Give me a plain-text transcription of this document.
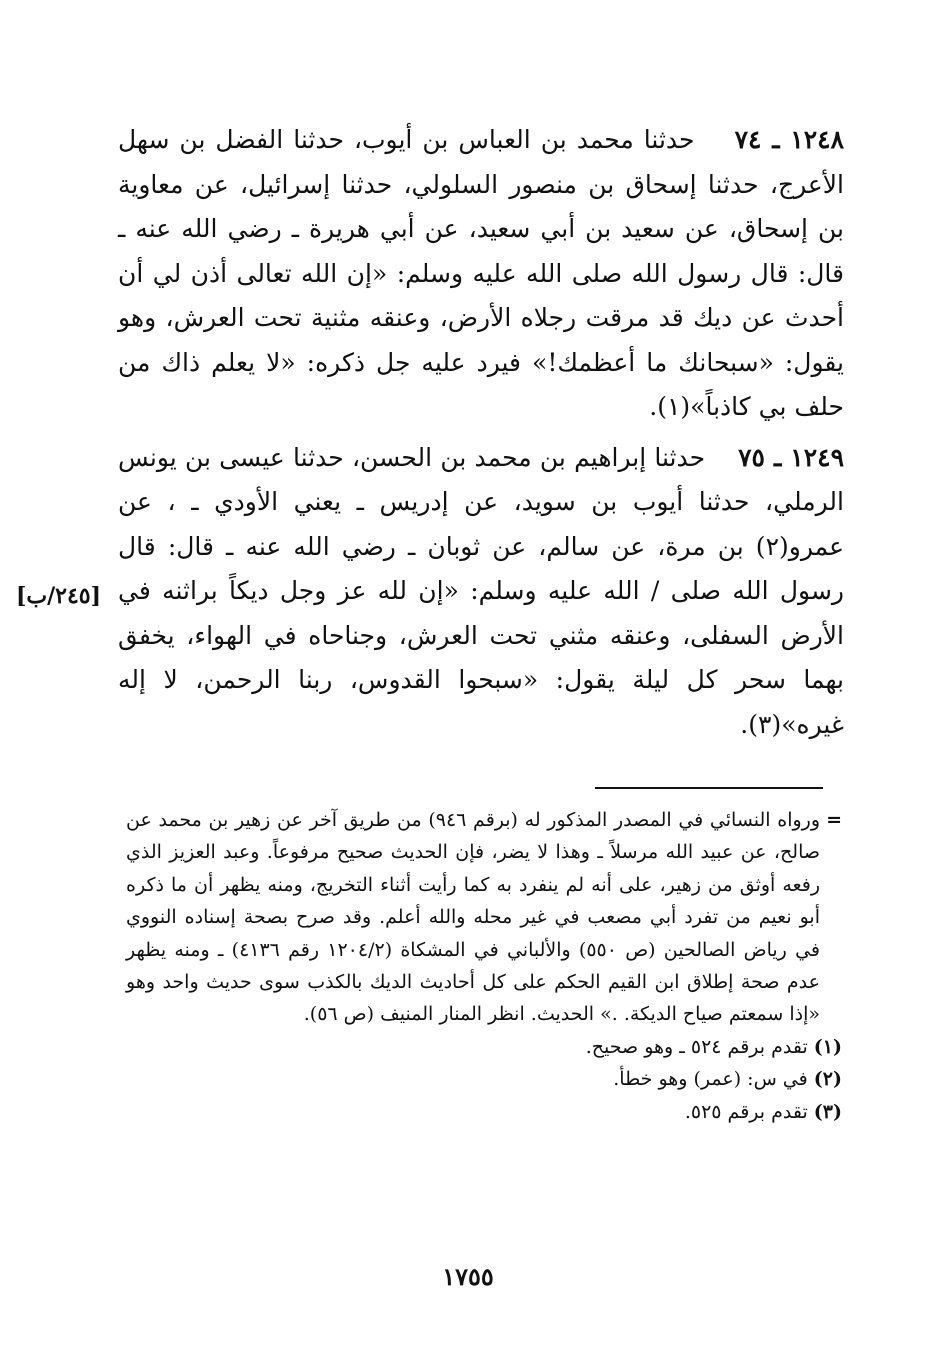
١٢٤٨ ـ ٧٤    حدثنا محمد بن العباس بن أيوب، حدثنا الفضل بن سهل الأعرج، حدثنا إسحاق بن منصور السلولي، حدثنا إسرائيل، عن معاوية بن إسحاق، عن سعيد بن أبي سعيد، عن أبي هريرة ـ رضي الله عنه ـ قال: قال رسول الله صلى الله عليه وسلم: «إن الله تعالى أذن لي أن أحدث عن ديك قد مرقت رجلاه الأرض، وعنقه مثنية تحت العرش، وهو يقول: «سبحانك ما أعظمك!» فيرد عليه جل ذكره: «لا يعلم ذاك من حلف بي كاذباً»(١).

١٢٤٩ ـ ٧٥    حدثنا إبراهيم بن محمد بن الحسن، حدثنا عيسى بن يونس الرملي، حدثنا أيوب بن سويد، عن إدريس ـ يعني الأودي ـ ، عن عمرو(٢) بن مرة، عن سالم، عن ثوبان ـ رضي الله عنه ـ قال: قال رسول الله صلى / الله عليه وسلم: «إن لله عز وجل ديكاً براثنه في الأرض السفلى، وعنقه مثني تحت العرش، وجناحاه في الهواء، يخفق بهما سحر كل ليلة يقول: «سبحوا القدوس، ربنا الرحمن، لا إله غيره»(٣).

[٢٤٥/ب]
=
ورواه النسائي في المصدر المذكور له (برقم ٩٤٦) من طريق آخر عن زهير بن محمد عن صالح، عن عبيد الله مرسلاً ـ وهذا لا يضر، فإن الحديث صحيح مرفوعاً. وعبد العزيز الذي رفعه أوثق من زهير، على أنه لم ينفرد به كما رأيت أثناء التخريج، ومنه يظهر أن ما ذكره أبو نعيم من تفرد أبي مصعب في غير محله والله أعلم. وقد صرح بصحة إسناده النووي في رياض الصالحين (ص ٥٥٠) والألباني في المشكاة (١٢٠٤/٢ رقم ٤١٣٦) ـ ومنه يظهر عدم صحة إطلاق ابن القيم الحكم على كل أحاديث الديك بالكذب سوى حديث واحد وهو «إذا سمعتم صياح الديكة. .» الحديث. انظر المنار المنيف (ص ٥٦).

(١) تقدم برقم ٥٢٤ ـ وهو صحيح.

(٢) في س: (عمر) وهو خطأ.

(٣) تقدم برقم ٥٢٥.

١٧٥٥
